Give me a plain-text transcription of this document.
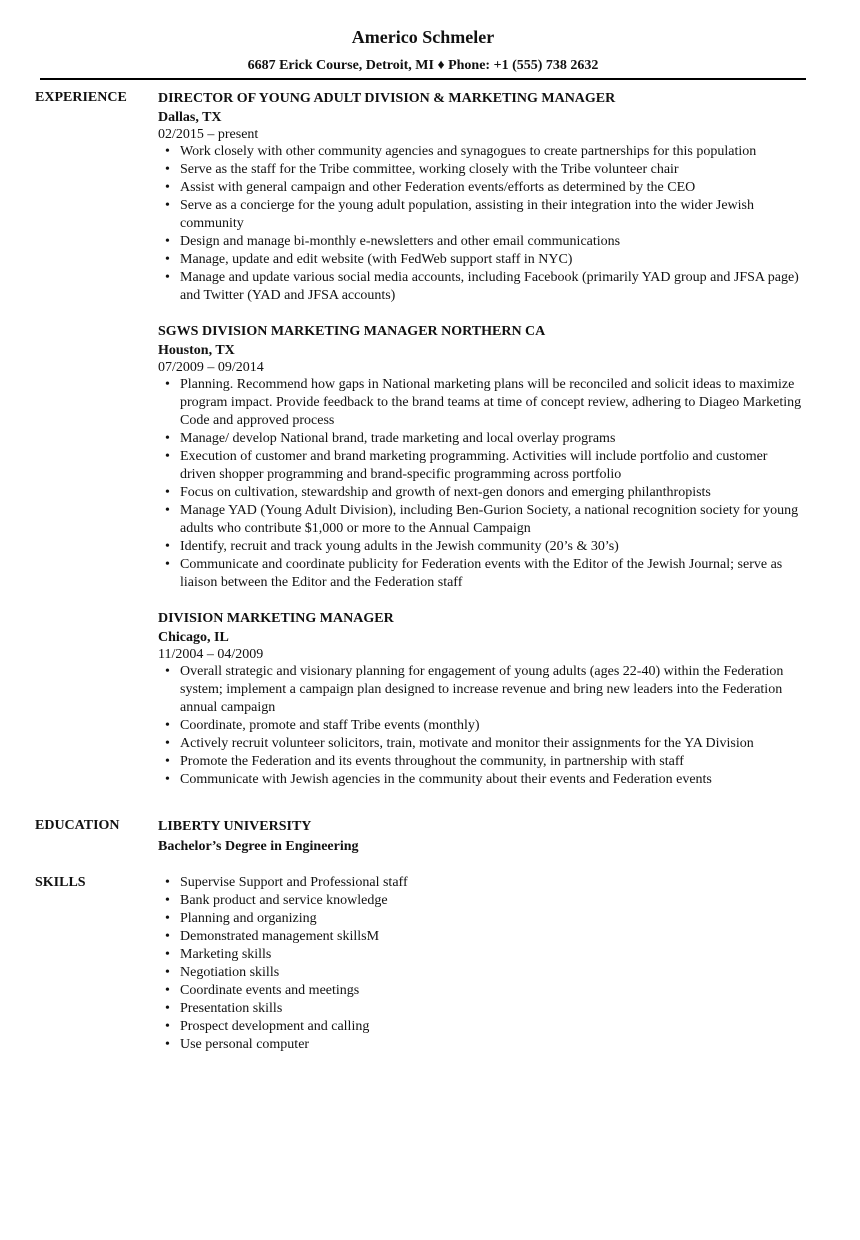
Americo Schmeler
6687 Erick Course, Detroit, MI ♦ Phone: +1 (555) 738 2632
EXPERIENCE	DIRECTOR OF YOUNG ADULT DIVISION & MARKETING MANAGER
Dallas, TX
02/2015 – present
• Work closely with other community agencies and synagogues to create partnerships for this population
• Serve as the staff for the Tribe committee, working closely with the Tribe volunteer chair
• Assist with general campaign and other Federation events/efforts as determined by the CEO
• Serve as a concierge for the young adult population, assisting in their integration into the wider Jewish community
• Design and manage bi-monthly e-newsletters and other email communications
• Manage, update and edit website (with FedWeb support staff in NYC)
• Manage and update various social media accounts, including Facebook (primarily YAD group and JFSA page) and Twitter (YAD and JFSA accounts)
SGWS DIVISION MARKETING MANAGER NORTHERN CA
Houston, TX
07/2009 – 09/2014
• Planning. Recommend how gaps in National marketing plans will be reconciled and solicit ideas to maximize program impact. Provide feedback to the brand teams at time of concept review, adhering to Diageo Marketing Code and approved process
• Manage/ develop National brand, trade marketing and local overlay programs
• Execution of customer and brand marketing programming. Activities will include portfolio and customer driven shopper programming and brand-specific programming across portfolio
• Focus on cultivation, stewardship and growth of next-gen donors and emerging philanthropists
• Manage YAD (Young Adult Division), including Ben-Gurion Society, a national recognition society for young adults who contribute $1,000 or more to the Annual Campaign
• Identify, recruit and track young adults in the Jewish community (20’s & 30’s)
• Communicate and coordinate publicity for Federation events with the Editor of the Jewish Journal; serve as liaison between the Editor and the Federation staff
DIVISION MARKETING MANAGER
Chicago, IL
11/2004 – 04/2009
• Overall strategic and visionary planning for engagement of young adults (ages 22-40) within the Federation system; implement a campaign plan designed to increase revenue and bring new leaders into the Federation annual campaign
• Coordinate, promote and staff Tribe events (monthly)
• Actively recruit volunteer solicitors, train, motivate and monitor their assignments for the YA Division
• Promote the Federation and its events throughout the community, in partnership with staff
• Communicate with Jewish agencies in the community about their events and Federation events
EDUCATION	LIBERTY UNIVERSITY
Bachelor’s Degree in Engineering
SKILLS
•	Supervise Support and Professional staff
• Bank product and service knowledge
• Planning and organizing
• Demonstrated management skillsM
• Marketing skills
• Negotiation skills
• Coordinate events and meetings
• Presentation skills
• Prospect development and calling
• Use personal computer
